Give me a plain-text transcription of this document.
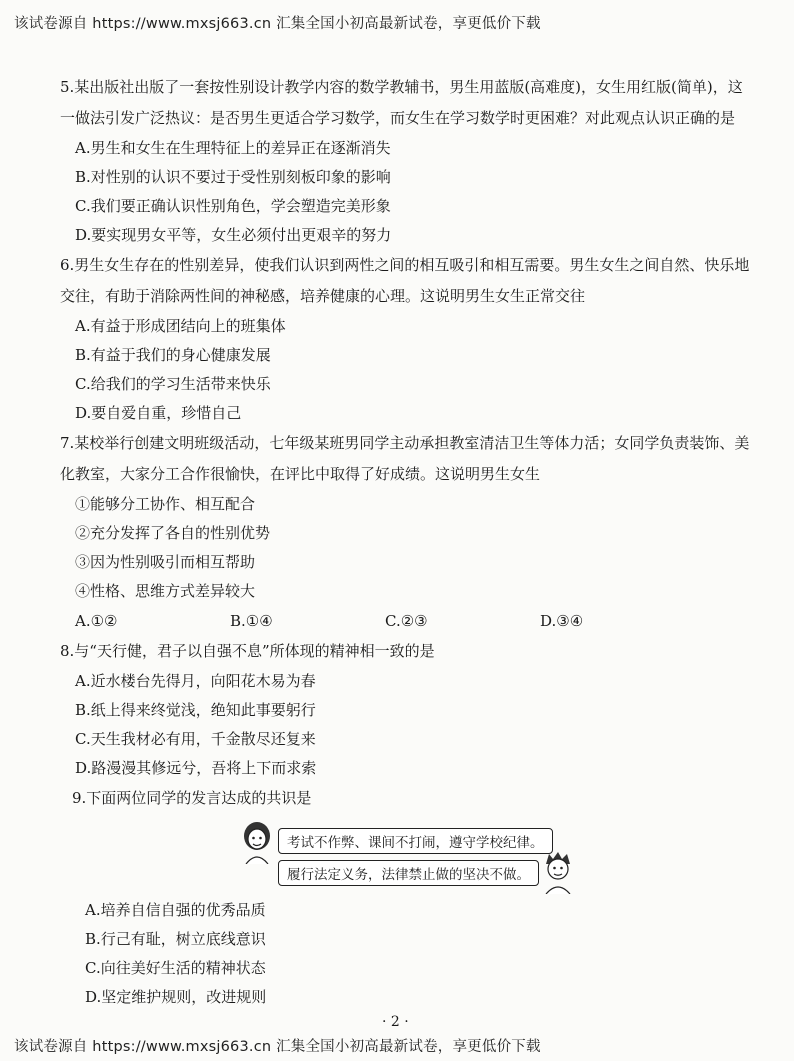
该试卷源自 https://www.mxsj663.cn 汇集全国小初高最新试卷，享更低价下载

5.某出版社出版了一套按性别设计教学内容的数学教辅书，男生用蓝版(高难度)，女生用红版(简单)，这一做法引发广泛热议：是否男生更适合学习数学，而女生在学习数学时更困难？对此观点认识正确的是

A.男生和女生在生理特征上的差异正在逐渐消失

B.对性别的认识不要过于受性别刻板印象的影响

C.我们要正确认识性别角色，学会塑造完美形象

D.要实现男女平等，女生必须付出更艰辛的努力

6.男生女生存在的性别差异，使我们认识到两性之间的相互吸引和相互需要。男生女生之间自然、快乐地交往，有助于消除两性间的神秘感，培养健康的心理。这说明男生女生正常交往

A.有益于形成团结向上的班集体

B.有益于我们的身心健康发展

C.给我们的学习生活带来快乐

D.要自爱自重，珍惜自己

7.某校举行创建文明班级活动，七年级某班男同学主动承担教室清洁卫生等体力活；女同学负责装饰、美化教室，大家分工合作很愉快，在评比中取得了好成绩。这说明男生女生

①能够分工协作、相互配合

②充分发挥了各自的性别优势

③因为性别吸引而相互帮助

④性格、思维方式差异较大

A.①②	B.①④	C.②③	D.③④

8.与“天行健，君子以自强不息”所体现的精神相一致的是

A.近水楼台先得月，向阳花木易为春

B.纸上得来终觉浅，绝知此事要躬行

C.天生我材必有用，千金散尽还复来

D.路漫漫其修远兮，吾将上下而求索

9.下面两位同学的发言达成的共识是

考试不作弊、课间不打闹，遵守学校纪律。
履行法定义务，法律禁止做的坚决不做。

A.培养自信自强的优秀品质

B.行己有耻，树立底线意识

C.向往美好生活的精神状态

D.坚定维护规则，改进规则

· 2 ·
该试卷源自 https://www.mxsj663.cn 汇集全国小初高最新试卷，享更低价下载
